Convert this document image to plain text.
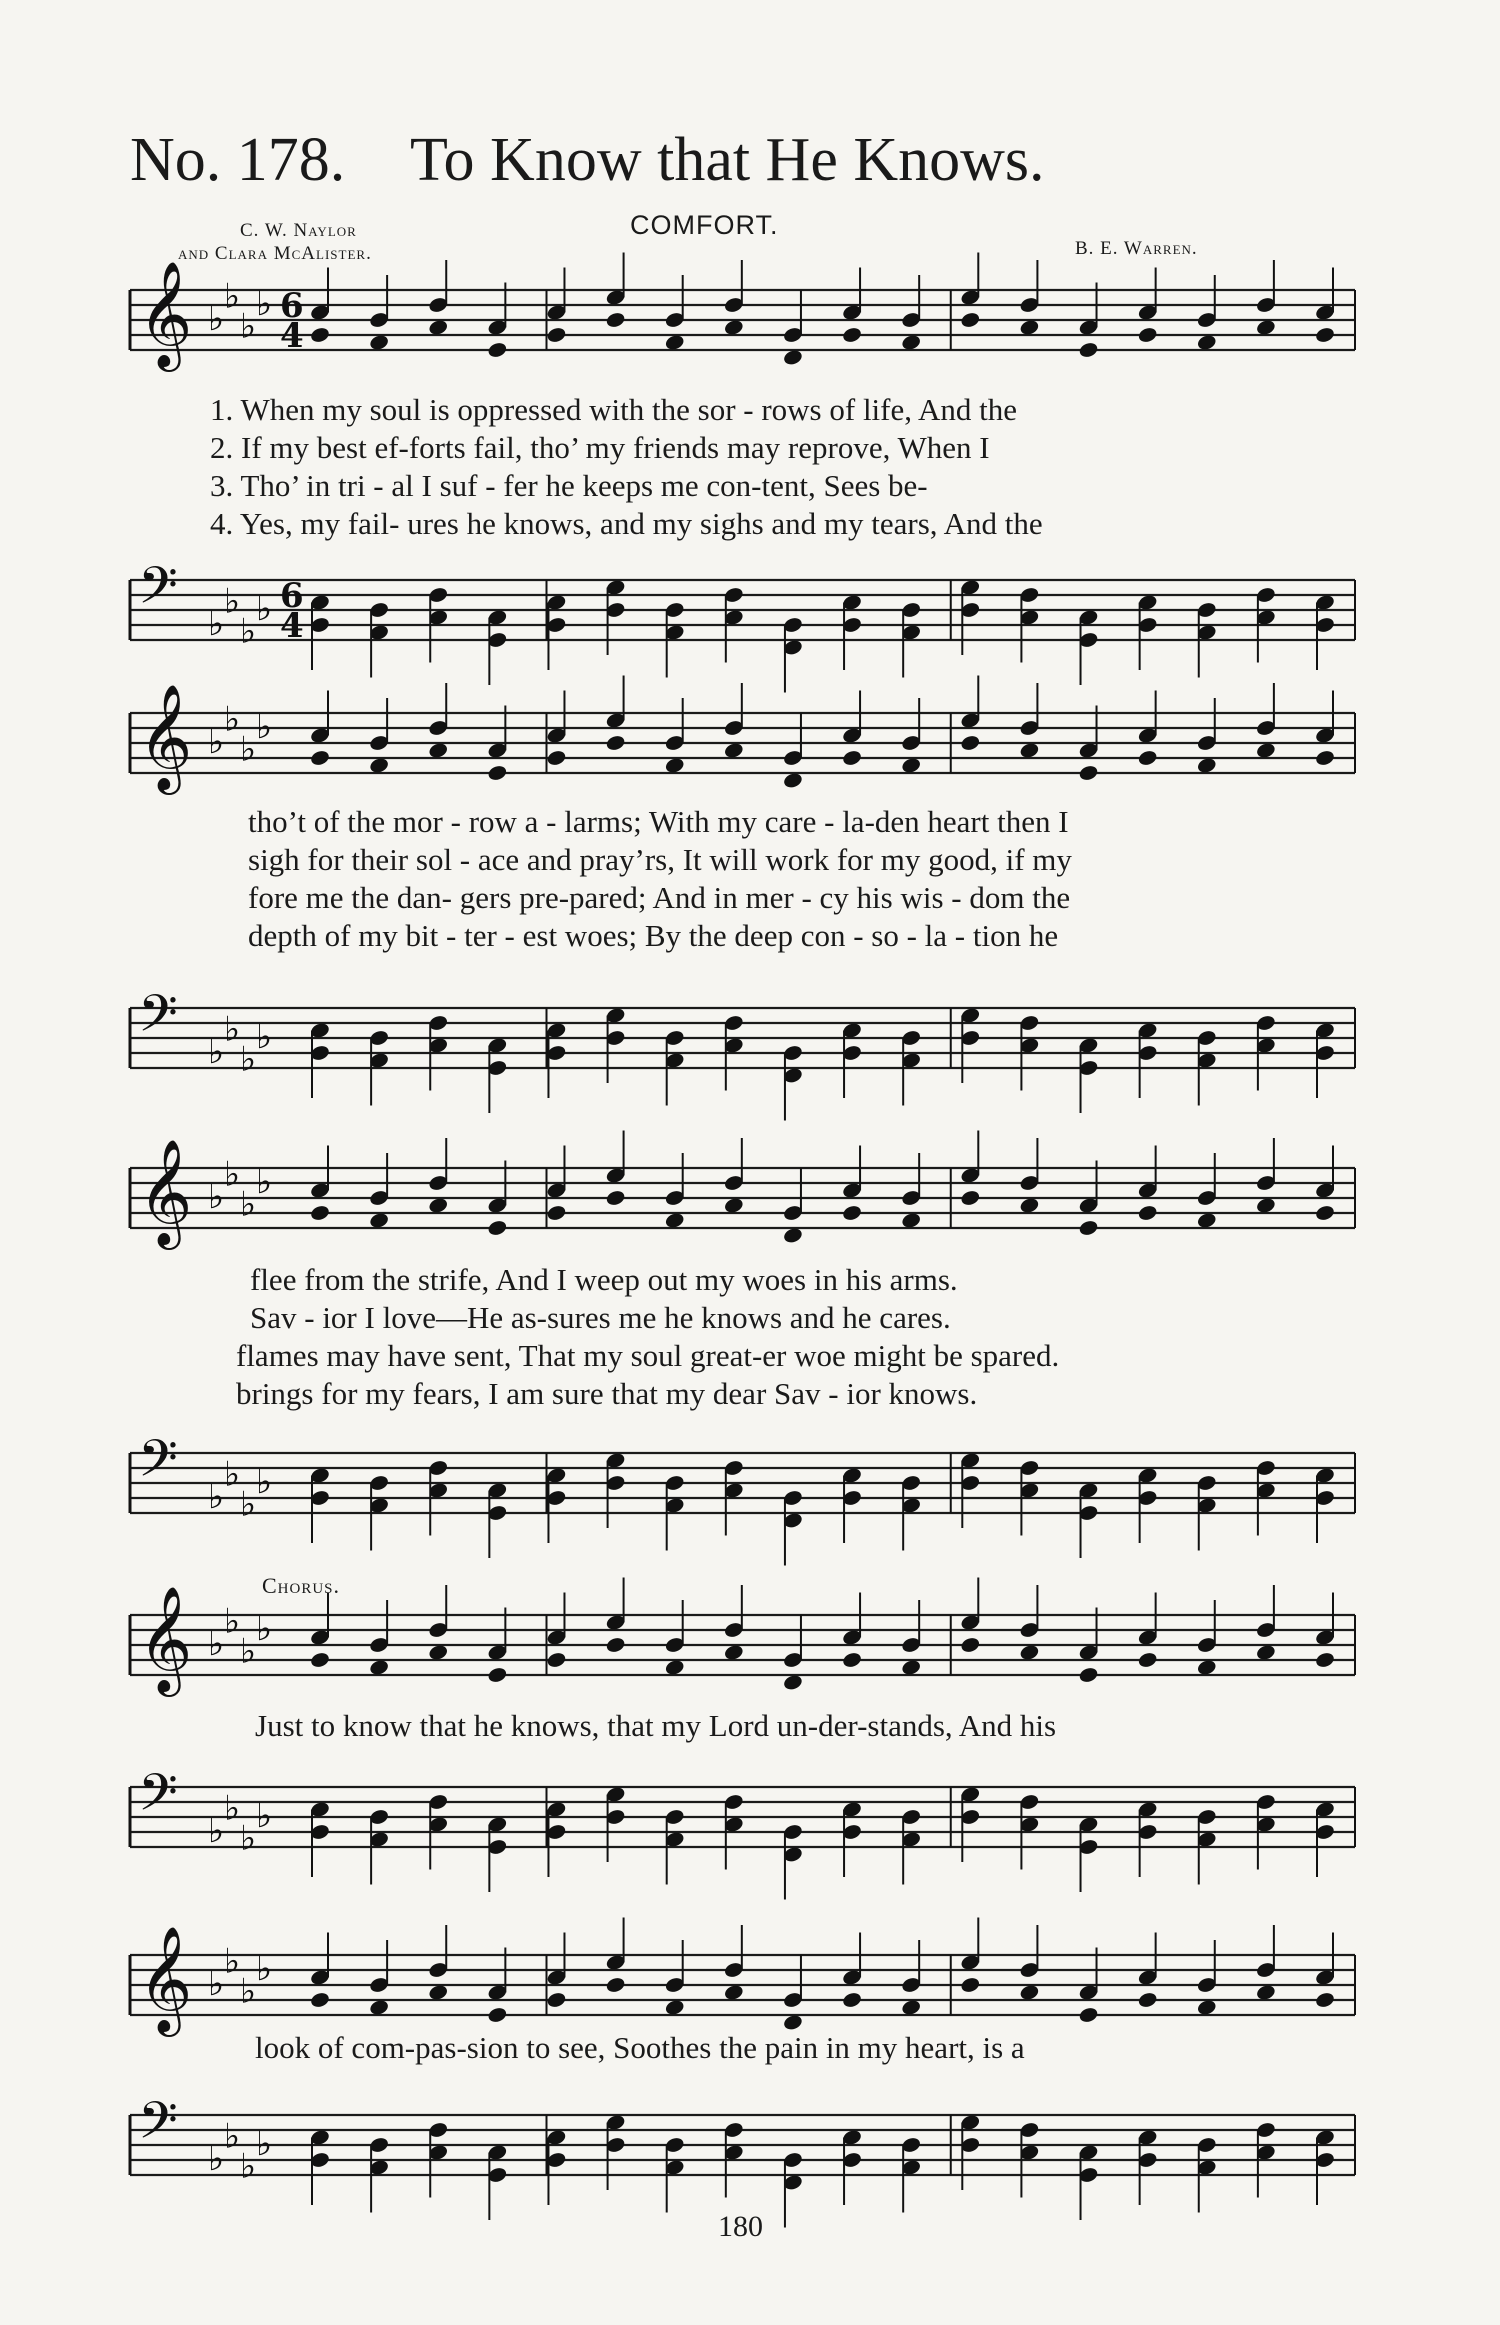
No. 178. To Know that He Knows.
C. W. Naylor
and Clara McAlister.
COMFORT.
B. E. Warren.
𝄞 ♭
♭
♭
♭ 6
4
𝄢 ♭
♭
♭
♭ 6
4
𝄞 ♭
♭
♭
♭
𝄢 ♭
♭
♭
♭
𝄞 ♭
♭
♭
♭
𝄢 ♭
♭
♭
♭
𝄞 ♭
♭
♭
♭
𝄢 ♭
♭
♭
♭
𝄞 ♭
♭
♭
♭
𝄢 ♭
♭
♭
♭
1. When my soul is oppressed with the sor - rows of life, And the
2. If my best ef-forts fail, tho’ my friends may reprove, When I
3. Tho’ in tri - al I suf - fer he keeps me con-tent, Sees be-
4. Yes, my fail- ures he knows, and my sighs and my tears, And the
tho’t of the mor - row a - larms; With my care - la-den heart then I
sigh for their sol - ace and pray’rs, It will work for my good, if my
fore me the dan- gers pre-pared; And in mer - cy his wis - dom the
depth of my bit - ter - est woes; By the deep con - so - la - tion he
flee from the strife, And I weep out my woes in his arms.
Sav - ior I love—He as-sures me he knows and he cares.
flames may have sent, That my soul great-er woe might be spared.
brings for my fears, I am sure that my dear Sav - ior knows.
Chorus.
Just to know that he knows, that my Lord un-der-stands, And his
look of com-pas-sion to see, Soothes the pain in my heart, is a
180
